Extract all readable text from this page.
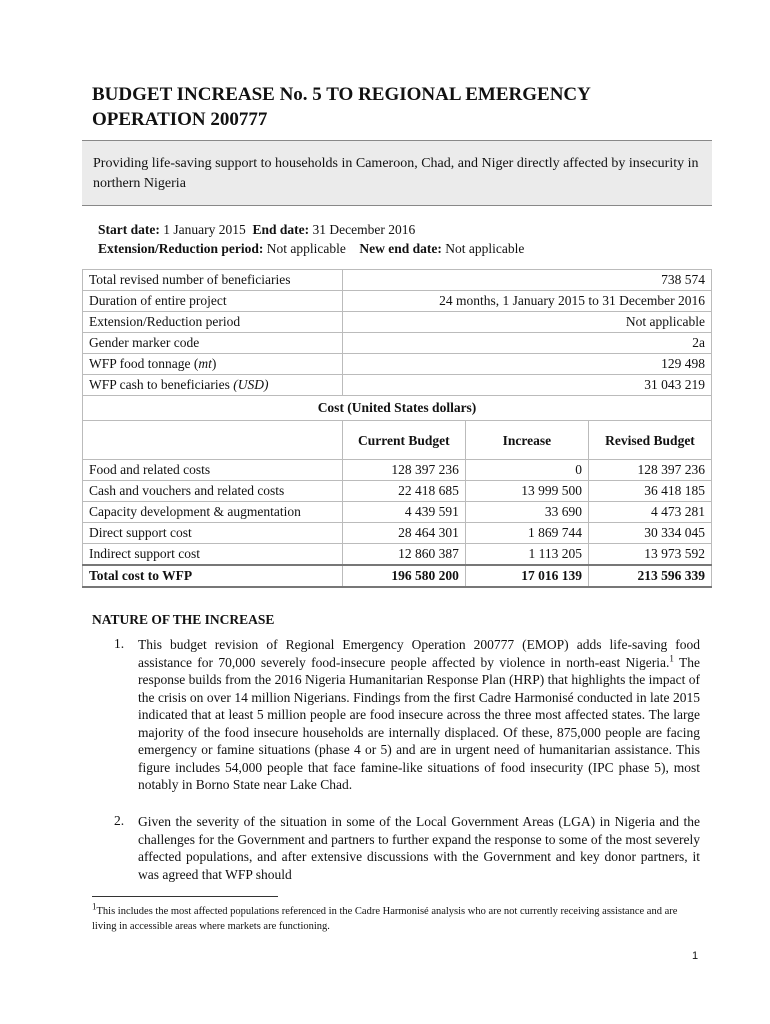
BUDGET INCREASE No. 5 TO REGIONAL EMERGENCY
OPERATION 200777
Providing life-saving support to households in Cameroon, Chad, and Niger directly affected by insecurity in northern Nigeria
Start date: 1 January 2015 End date: 31 December 2016
Extension/Reduction period: Not applicable New end date: Not applicable
Total revised number of beneficiaries	738 574		
Duration of entire project	24 months, 1 January 2015 to 31 December 2016		
Extension/Reduction period	Not applicable		
Gender marker code	2a		
WFP food tonnage (mt)	129 498		
WFP cash to beneficiaries (USD)	31 043 219		
Cost (United States dollars)			
	Current Budget	Increase	Revised Budget
Food and related costs	128 397 236	0	128 397 236
Cash and vouchers and related costs	22 418 685	13 999 500	36 418 185
Capacity development & augmentation	4 439 591	33 690	4 473 281
Direct support cost	28 464 301	1 869 744	30 334 045
Indirect support cost	12 860 387	1 113 205	13 973 592
Total cost to WFP	196 580 200	17 016 139	213 596 339
NATURE OF THE INCREASE
1. This budget revision of Regional Emergency Operation 200777 (EMOP) adds life-saving food assistance for 70,000 severely food-insecure people affected by violence in north-east Nigeria.$^1$ The response builds from the 2016 Nigeria Humanitarian Response Plan (HRP) that highlights the impact of the crisis on over 14 million Nigerians. Findings from the first Cadre Harmonisé conducted in late 2015 indicated that at least 5 million people are food insecure across the three most affected states. The large majority of the food insecure households are internally displaced. Of these, 875,000 people are facing emergency or famine situations (phase 4 or 5) and are in urgent need of humanitarian assistance. This figure includes 54,000 people that face famine-like situations of food insecurity (IPC phase 5), most notably in Borno State near Lake Chad.
2. Given the severity of the situation in some of the Local Government Areas (LGA) in Nigeria and the challenges for the Government and partners to further expand the response to some of the most severely affected populations, and after extensive discussions with the Government and key donor partners, it was agreed that WFP should
$^1$This includes the most affected populations referenced in the Cadre Harmonisé analysis who are not currently receiving assistance and are living in accessible areas where markets are functioning.
1
